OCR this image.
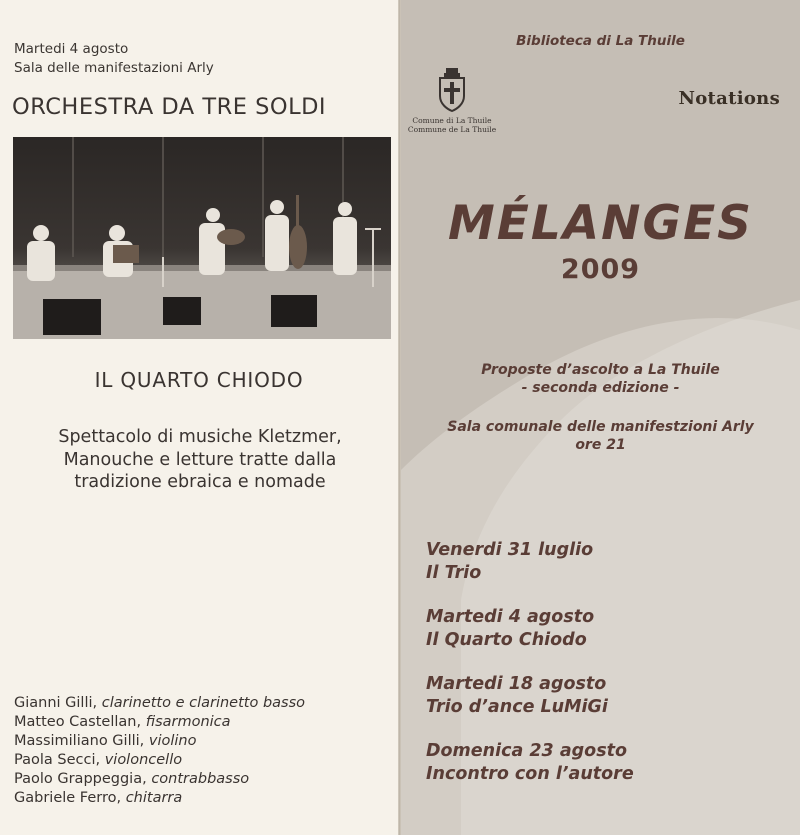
Martedi 4 agosto
Sala delle manifestazioni Arly
ORCHESTRA DA TRE SOLDI
IL QUARTO CHIODO
Spettacolo di musiche Kletzmer,
Manouche e letture tratte dalla
tradizione ebraica e nomade
Gianni Gilli, clarinetto e clarinetto basso
Matteo Castellan, fisarmonica
Massimiliano Gilli, violino
Paola Secci, violoncello
Paolo Grappeggia, contrabbasso
Gabriele Ferro, chitarra
Biblioteca di La Thuile
Comune di La Thuile
Commune de La Thuile
Notations
MÉLANGES
2009
Proposte d’ascolto a La Thuile
- seconda edizione -
Sala comunale delle manifestzioni Arly
ore 21
Venerdi 31 luglio
Il Trio
Martedi 4 agosto
Il Quarto Chiodo
Martedi 18 agosto
Trio d’ance LuMiGi
Domenica 23 agosto
Incontro con l’autore
